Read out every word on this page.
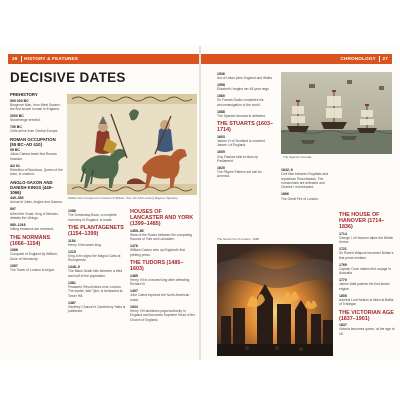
26 HISTORY & FEATURES
DECISIVE DATES
PREHISTORY
500 000 BC
Boxgrove Man, from West Sussex, the first known human in England.
2000 BC
Stonehenge erected.
750 BC
Celts arrive from Central Europe.
ROMAN OCCUPATION (55 BC–AD 410)
55 BC
Julius Caesar leads first Roman invasion.
AD 61
Rebellion of Boudicca, Queen of the Iceni, is crushed.
ANGLO-SAXON AND DANISH KINGS (449–1066)
449–550
Arrival of Jutes, Angles and Saxons.
897
Alfred the Great, King of Wessex, defeats the Vikings.
980–1016
Viking invasions are renewed.
THE NORMANS (1066–1154)
1066
Conquest of England by William, Duke of Normandy.
1067
The Tower of London is begun.
William the Conqueror's invasion of Britain, from the 12th-century Bayeux Tapestry.
1086
The Domesday Book, a complete inventory of England, is made.
THE PLANTAGENETS (1154–1399)
1154
Henry II becomes king.
1215
King John signs the Magna Carta at Runnymede.
1348–9
The Black Death kills between a third and half of the population.
1381
Peasants' Revolt takes over London. The leader, Wat Tyler, is beheaded at Tower Hill.
1387
Geoffrey Chaucer's Canterbury Tales is published.
HOUSES OF LANCASTER AND YORK (1399–1485)
1455–85
Wars of the Roses between the competing Houses of York and Lancaster.
1476
William Caxton sets up England's first printing press.
THE TUDORS (1485–1603)
1485
Henry VII is crowned king after defeating Richard III.
1497
John Cabot explores the North American coast.
1534
Henry VIII abolishes papal authority in England and becomes Supreme Head of the Church of England.
CHRONOLOGY 27
1536
Act of Union joins England and Wales.
1558
Elizabeth I begins her 45-year reign.
1580
Sir Francis Drake completes his circumnavigation of the world.
1588
The Spanish Armada is defeated.
THE STUARTS (1603–1714)
1603
James VI of Scotland is crowned James I of England.
1605
Guy Fawkes fails to blow up Parliament.
1620
The Pilgrim Fathers set sail for America.
The Spanish Armada.
1642–9
Civil War between Royalists and republican Roundheads. The monarchists are defeated and Charles I is beheaded.
1666
The Great Fire of London.
The Great Fire of London, 1666
THE HOUSE OF HANOVER (1714–1836)
1714
George I of Hanover takes the British throne.
1721
Sir Robert Walpole becomes Britain's first prime minister.
1769
Captain Cook makes first voyage to Australia.
1770
James Watt patents the first steam engine.
1805
Admiral Lord Nelson is killed at Battle of Trafalgar.
THE VICTORIAN AGE (1837–1901)
1837
Victoria becomes queen, at the age of 18.
